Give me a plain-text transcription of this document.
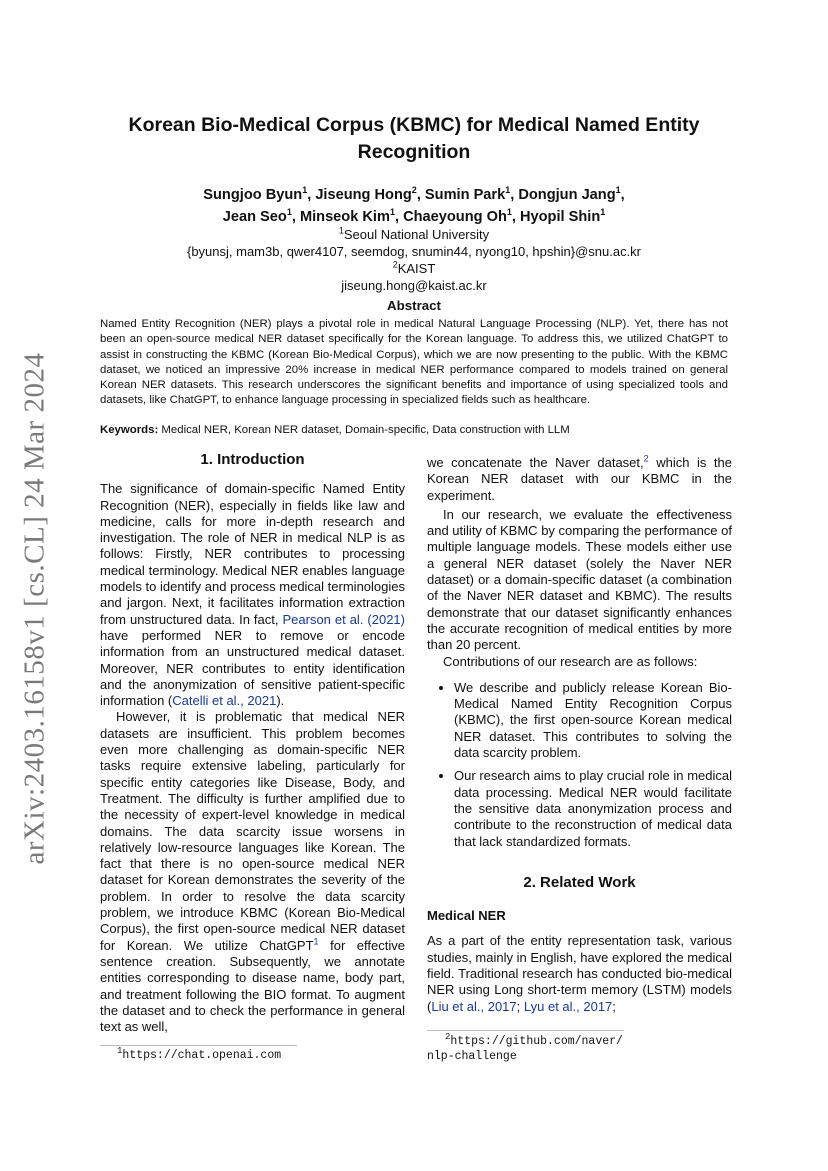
arXiv:2403.16158v1 [cs.CL] 24 Mar 2024
Korean Bio-Medical Corpus (KBMC) for Medical Named Entity Recognition
Sungjoo Byun$^1$, Jiseung Hong$^2$, Sumin Park$^1$, Dongjun Jang$^1$,
Jean Seo$^1$, Minseok Kim$^1$, Chaeyoung Oh$^1$, Hyopil Shin$^1$
$^1$Seoul National University
{byunsj, mam3b, qwer4107, seemdog, snumin44, nyong10, hpshin}@snu.ac.kr
$^2$KAIST
jiseung.hong@kaist.ac.kr
Abstract
Named Entity Recognition (NER) plays a pivotal role in medical Natural Language Processing (NLP). Yet, there has not been an open-source medical NER dataset specifically for the Korean language. To address this, we utilized ChatGPT to assist in constructing the KBMC (Korean Bio-Medical Corpus), which we are now presenting to the public. With the KBMC dataset, we noticed an impressive 20% increase in medical NER performance compared to models trained on general Korean NER datasets. This research underscores the significant benefits and importance of using specialized tools and datasets, like ChatGPT, to enhance language processing in specialized fields such as healthcare.
Keywords: Medical NER, Korean NER dataset, Domain-specific, Data construction with LLM
1. Introduction

The significance of domain-specific Named Entity Recognition (NER), especially in fields like law and medicine, calls for more in-depth research and investigation. The role of NER in medical NLP is as follows: Firstly, NER contributes to processing medical terminology. Medical NER enables language models to identify and process medical terminologies and jargon. Next, it facilitates information extraction from unstructured data. In fact, Pearson et al. (2021) have performed NER to remove or encode information from an unstructured medical dataset. Moreover, NER contributes to entity identification and the anonymization of sensitive patient-specific information (Catelli et al., 2021).

However, it is problematic that medical NER datasets are insufficient. This problem becomes even more challenging as domain-specific NER tasks require extensive labeling, particularly for specific entity categories like Disease, Body, and Treatment. The difficulty is further amplified due to the necessity of expert-level knowledge in medical domains. The data scarcity issue worsens in relatively low-resource languages like Korean. The fact that there is no open-source medical NER dataset for Korean demonstrates the severity of the problem. In order to resolve the data scarcity problem, we introduce KBMC (Korean Bio-Medical Corpus), the first open-source medical NER dataset for Korean. We utilize ChatGPT$^1$ for effective sentence creation. Subsequently, we annotate entities corresponding to disease name, body part, and treatment following the BIO format. To augment the dataset and to check the performance in general text as well,

we concatenate the Naver dataset,$^2$ which is the Korean NER dataset with our KBMC in the experiment.

In our research, we evaluate the effectiveness and utility of KBMC by comparing the performance of multiple language models. These models either use a general NER dataset (solely the Naver NER dataset) or a domain-specific dataset (a combination of the Naver NER dataset and KBMC). The results demonstrate that our dataset significantly enhances the accurate recognition of medical entities by more than 20 percent.

Contributions of our research are as follows:

• We describe and publicly release Korean Bio-Medical Named Entity Recognition Corpus (KBMC), the first open-source Korean medical NER dataset. This contributes to solving the data scarcity problem.
• Our research aims to play crucial role in medical data processing. Medical NER would facilitate the sensitive data anonymization process and contribute to the reconstruction of medical data that lack standardized formats.
2. Related Work
Medical NER

As a part of the entity representation task, various studies, mainly in English, have explored the medical field. Traditional research has conducted bio-medical NER using Long short-term memory (LSTM) models (Liu et al., 2017; Lyu et al., 2017;

$^1$https://chat.openai.com
$^2$https://github.com/naver/
nlp-challenge
